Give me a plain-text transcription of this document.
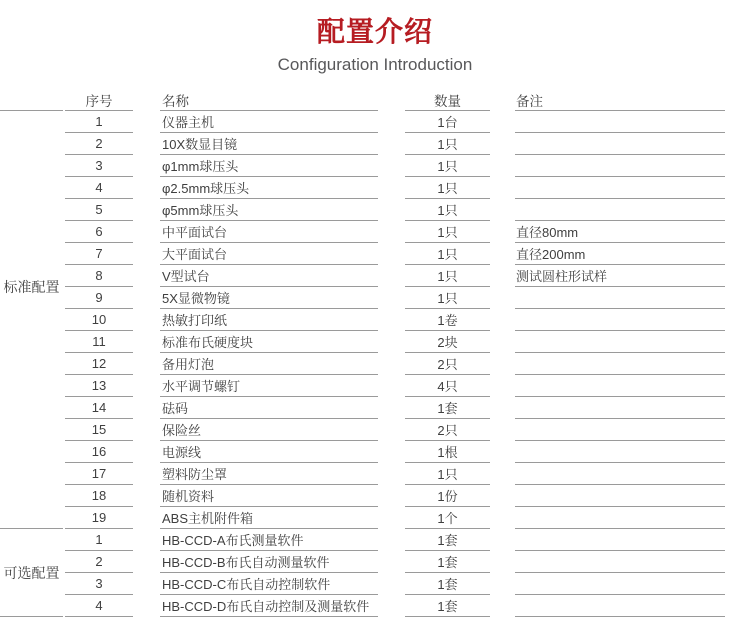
配置介绍
Configuration Introduction
序号	名称	数量	备注
1	仪器主机	1台
2	10X数显目镜	1只
3	φ1mm球压头	1只
4	φ2.5mm球压头	1只
5	φ5mm球压头	1只
6	中平面试台	1只	直径80mm
7	大平面试台	1只	直径200mm
8	V型试台	1只	测试圆柱形试样
9	5X显微物镜	1只
10	热敏打印纸	1卷
11	标准布氏硬度块	2块
12	备用灯泡	2只
13	水平调节螺钉	4只
14	砝码	1套
15	保险丝	2只
16	电源线	1根
17	塑料防尘罩	1只
18	随机资料	1份
19	ABS主机附件箱	1个
标准配置
1	HB-CCD-A布氏测量软件	1套
2	HB-CCD-B布氏自动测量软件	1套
3	HB-CCD-C布氏自动控制软件	1套
4	HB-CCD-D布氏自动控制及测量软件	1套
可选配置
